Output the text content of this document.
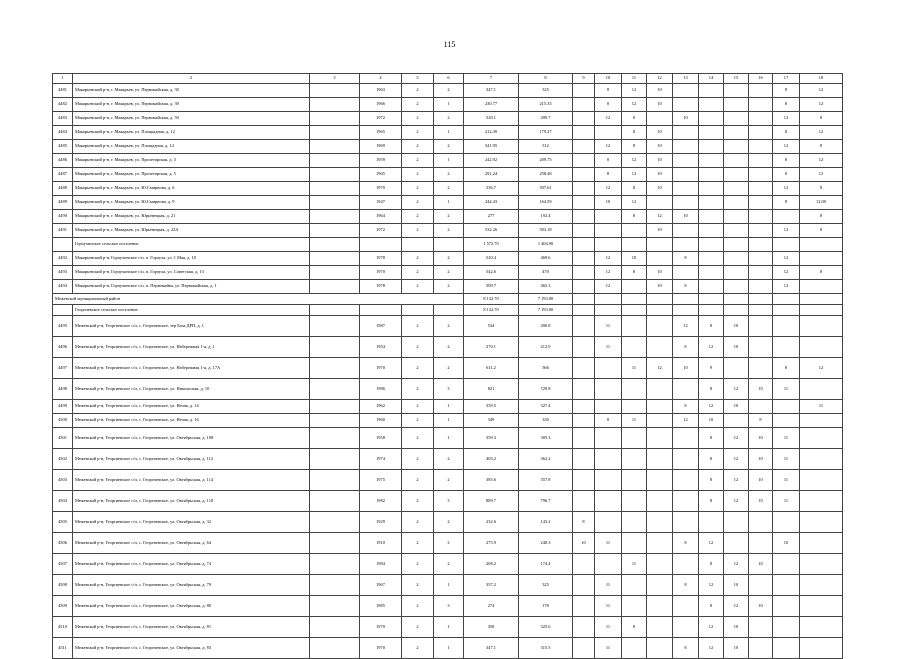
115
1	2	3	4	5	6	7	8	9	10	11	12	13	14	15	16	17	18
4481	Макарьевский р-н, г. Макарьев, ул. Первомайская, д. 30		1963	2	2	347.1	325		8	12	10					8	12
4482	Макарьевский р-н, г. Макарьев, ул. Первомайская, д. 39		1966	2	1	230.77	215.35		8	12	10					8	12
4483	Макарьевский р-н, г. Макарьев, ул. Первомайская, д. 50		1972	2	2	520.1	499.7		12	8		10				12	8
4484	Макарьевский р-н, г. Макарьев, ул. Плоцкадная, д. 12		1965	2	1	212.49	179.27			8	10					8	12
4485	Макарьевский р-н, г. Макарьев, ул. Площадная, д. 14		1969	2	2	541.95	512		12	8	10					12	8
4486	Макарьевский р-н, г. Макарьев, ул. Пролетарская, д. 3		1959	2	1	242.92	209.75		8	12	10					8	12
4487	Макарьевский р-н, г. Макарьев, ул. Пролетарская, д. 5		1965	2	2	291.24	258.48		8	12	10					8	12
4488	Макарьевский р-н, г. Макарьев, ул. Ю.Смирнова, д. 6		1970	2	2	536.7	507.61		12	8	10					12	8
4489	Макарьевский р-н, г. Макарьев, ул. Ю.Смирнова, д. 9		1947	2	1	244.43	164.59		10	12						8	12,00
4490	Макарьевский р-н, г. Макарьев, ул. Юрьевецкая, д. 21		1964	2	2	277	192.4			8	12	10					8
4491	Макарьевский р-н, г. Макарьев, ул. Юрьевецкая, д. 23А		1972	2	2	532.26	503.18				10					12	8
	Горчухинское сельское поселение					1 572.70	1 404.90										
4492	Макарьевский р-н, Горчухинское с/п, п. Горчуха, ул. 1 Мая, д. 10		1978	2	2	520.4	469.6		12	10		8				12	
4493	Макарьевский р-н, Горчухинское с/п, п. Горчуха, ул. Советская, д. 13		1970	2	2	542.6	470		12	8	10					12	8
4494	Макарьевский р-н, Горчухинское с/п, п. Первомайка, ул. Первомайская, д. 1		1978	2	2	509.7	465.3		12		10	8				12	
Межевской муниципальный район						8 132.70	7 193.00										
	Георгиевское сельское поселение					8 132.70	7 193.00										
4495	Межевской р-н, Георгиевское с/п, с. Георгиевское, тер База ДРП, д. 1		1987	2	2	534	490.8		11			12	8	10			
4496	Межевской р-н, Георгиевское с/п, с. Георгиевское, ул. Набережная 1-я, д. 1		1954	2	2	270.1	212.9		11			8	12	10			
4497	Межевской р-н, Георгиевское с/п, с. Георгиевское, ул. Набережная 1-я, д. 17А		1970	2	2	611.2	566			11	12	10	9			8	12
4498	Межевской р-н, Георгиевское с/п, с. Георгиевское, ул. Никольская, д. 10		1986	2	3	821	729.8						8	12	10	11	
4499	Межевской р-н, Георгиевское с/п, с. Георгиевское, ул. Нечая, д. 14		1962	2	1	359.5	327.4					8	12	10			11
4500	Межевской р-н, Георгиевское с/п, с. Георгиевское, ул. Нечая, д. 16		1960	2	1	349	330		8	11		12	10		8		
4501	Межевской р-н, Георгиевское с/п, с. Георгиевское, ул. Октябрьская, д. 108		1958	2	1	359.3	305.3						8	12	10	11	
4502	Межевской р-н, Георгиевское с/п, с. Георгиевское, ул. Октябрьская, д. 112		1974	2	2	403.2	362.2						8	12	10	11	
4503	Межевской р-н, Георгиевское с/п, с. Георгиевское, ул. Октябрьская, д. 114		1975	2	2	385.6	357.8						8	12	10	11	
4504	Межевской р-н, Георгиевское с/п, с. Георгиевское, ул. Октябрьская, д. 118		1982	2	3	889.7	796.7						8	12	10	11	
4505	Межевской р-н, Георгиевское с/п, с. Георгиевское, ул. Октябрьская, д. 32		1929	2	2	232.6	143.2	8									
4506	Межевской р-н, Георгиевское с/п, с. Георгиевское, ул. Октябрьская, д. 64		1910	2	2	275.9	240.3	10	11			8	12			10	
4507	Межевской р-н, Георгиевское с/п, с. Георгиевское, ул. Октябрьская, д. 74		1984	2	2	208.2	174.4			11			8	12	10		
4508	Межевской р-н, Георгиевское с/п, с. Георгиевское, ул. Октябрьская, д. 79		1967	2	1	357.2	325		11			8	12	10			
4509	Межевской р-н, Георгиевское с/п, с. Георгиевское, ул. Октябрьская, д. 80		1985	2	3	274	178		11				8	12	10		
4510	Межевской р-н, Георгиевское с/п, с. Георгиевское, ул. Октябрьская, д. 81		1970	2	1	358	325.6		11	8			12	10			
4511	Межевской р-н, Георгиевское с/п, с. Георгиевское, ул. Октябрьская, д. 83		1970	2	1	347.1	315.5		11			8	12	10			
